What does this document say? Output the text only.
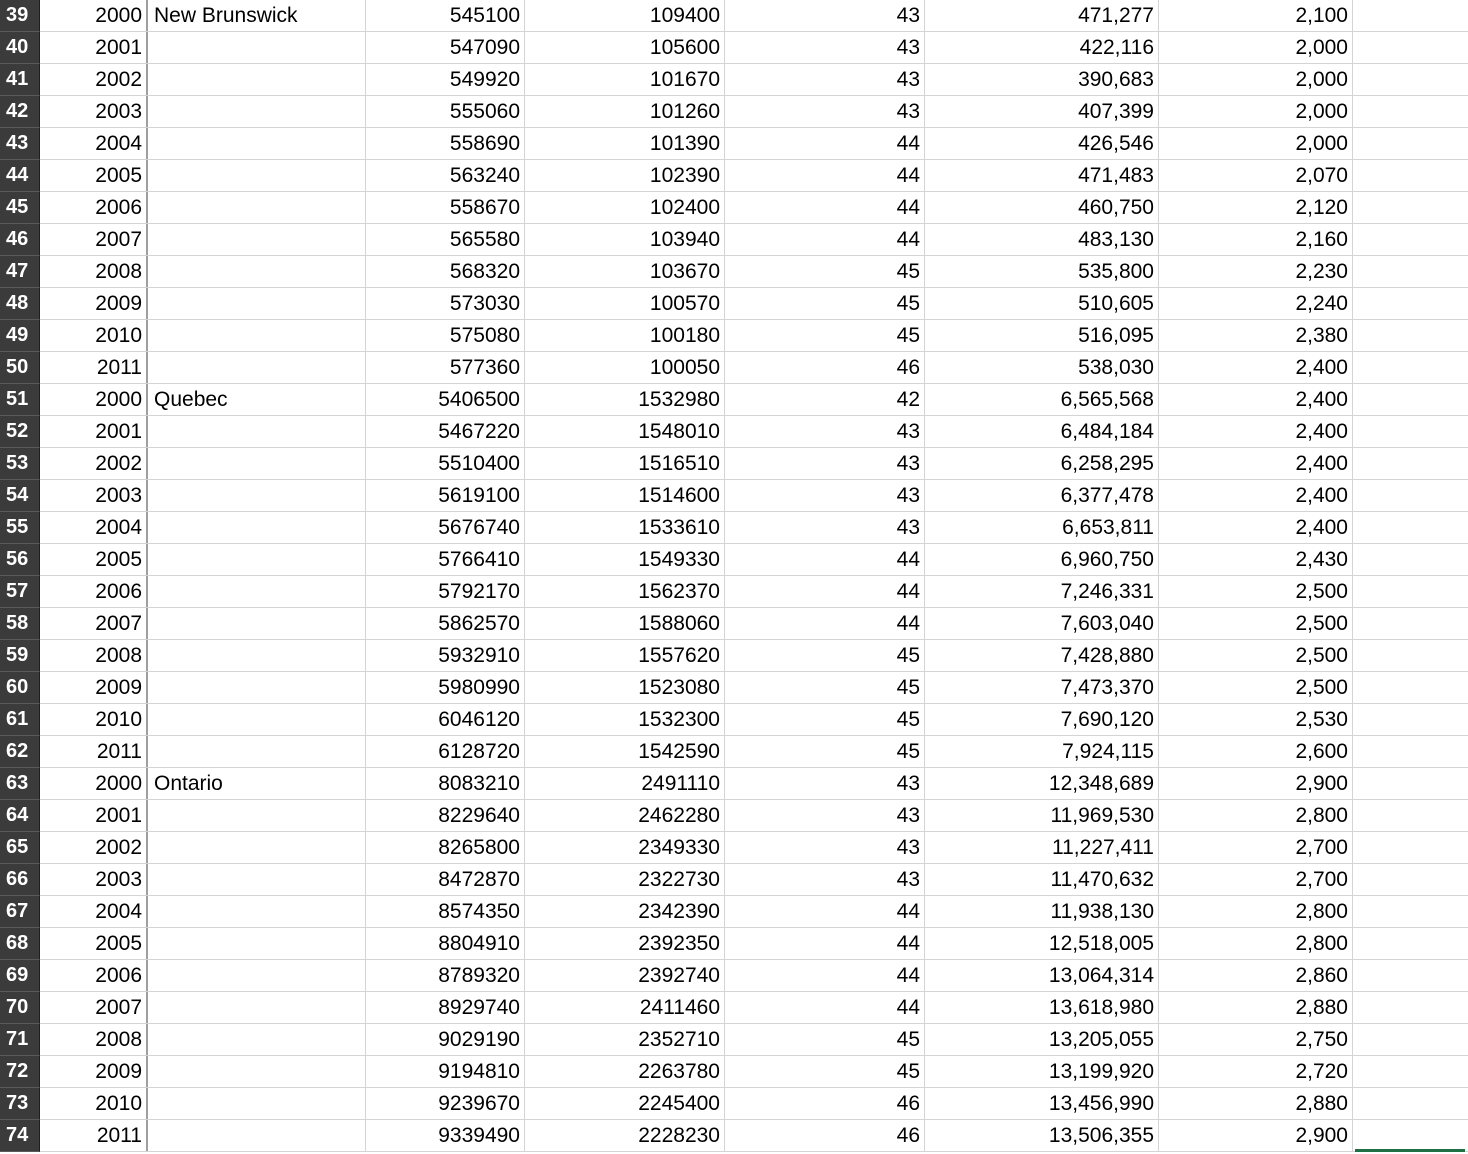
39	2000 New Brunswick	545100	109400	43	471,277	2,100
40	2001	547090	105600	43	422,116	2,000
41	2002	549920	101670	43	390,683	2,000
42	2003	555060	101260	43	407,399	2,000
43	2004	558690	101390	44	426,546	2,000
44	2005	563240	102390	44	471,483	2,070
45	2006	558670	102400	44	460,750	2,120
46	2007	565580	103940	44	483,130	2,160
47	2008	568320	103670	45	535,800	2,230
48	2009	573030	100570	45	510,605	2,240
49	2010	575080	100180	45	516,095	2,380
50	2011	577360	100050	46	538,030	2,400
51	2000 Quebec	5406500	1532980	42	6,565,568	2,400
52	2001	5467220	1548010	43	6,484,184	2,400
53	2002	5510400	1516510	43	6,258,295	2,400
54	2003	5619100	1514600	43	6,377,478	2,400
55	2004	5676740	1533610	43	6,653,811	2,400
56	2005	5766410	1549330	44	6,960,750	2,430
57	2006	5792170	1562370	44	7,246,331	2,500
58	2007	5862570	1588060	44	7,603,040	2,500
59	2008	5932910	1557620	45	7,428,880	2,500
60	2009	5980990	1523080	45	7,473,370	2,500
61	2010	6046120	1532300	45	7,690,120	2,530
62	2011	6128720	1542590	45	7,924,115	2,600
63	2000 Ontario	8083210	2491110	43	12,348,689	2,900
64	2001	8229640	2462280	43	11,969,530	2,800
65	2002	8265800	2349330	43	11,227,411	2,700
66	2003	8472870	2322730	43	11,470,632	2,700
67	2004	8574350	2342390	44	11,938,130	2,800
68	2005	8804910	2392350	44	12,518,005	2,800
69	2006	8789320	2392740	44	13,064,314	2,860
70	2007	8929740	2411460	44	13,618,980	2,880
71	2008	9029190	2352710	45	13,205,055	2,750
72	2009	9194810	2263780	45	13,199,920	2,720
73	2010	9239670	2245400	46	13,456,990	2,880
74	2011	9339490	2228230	46	13,506,355	2,900
